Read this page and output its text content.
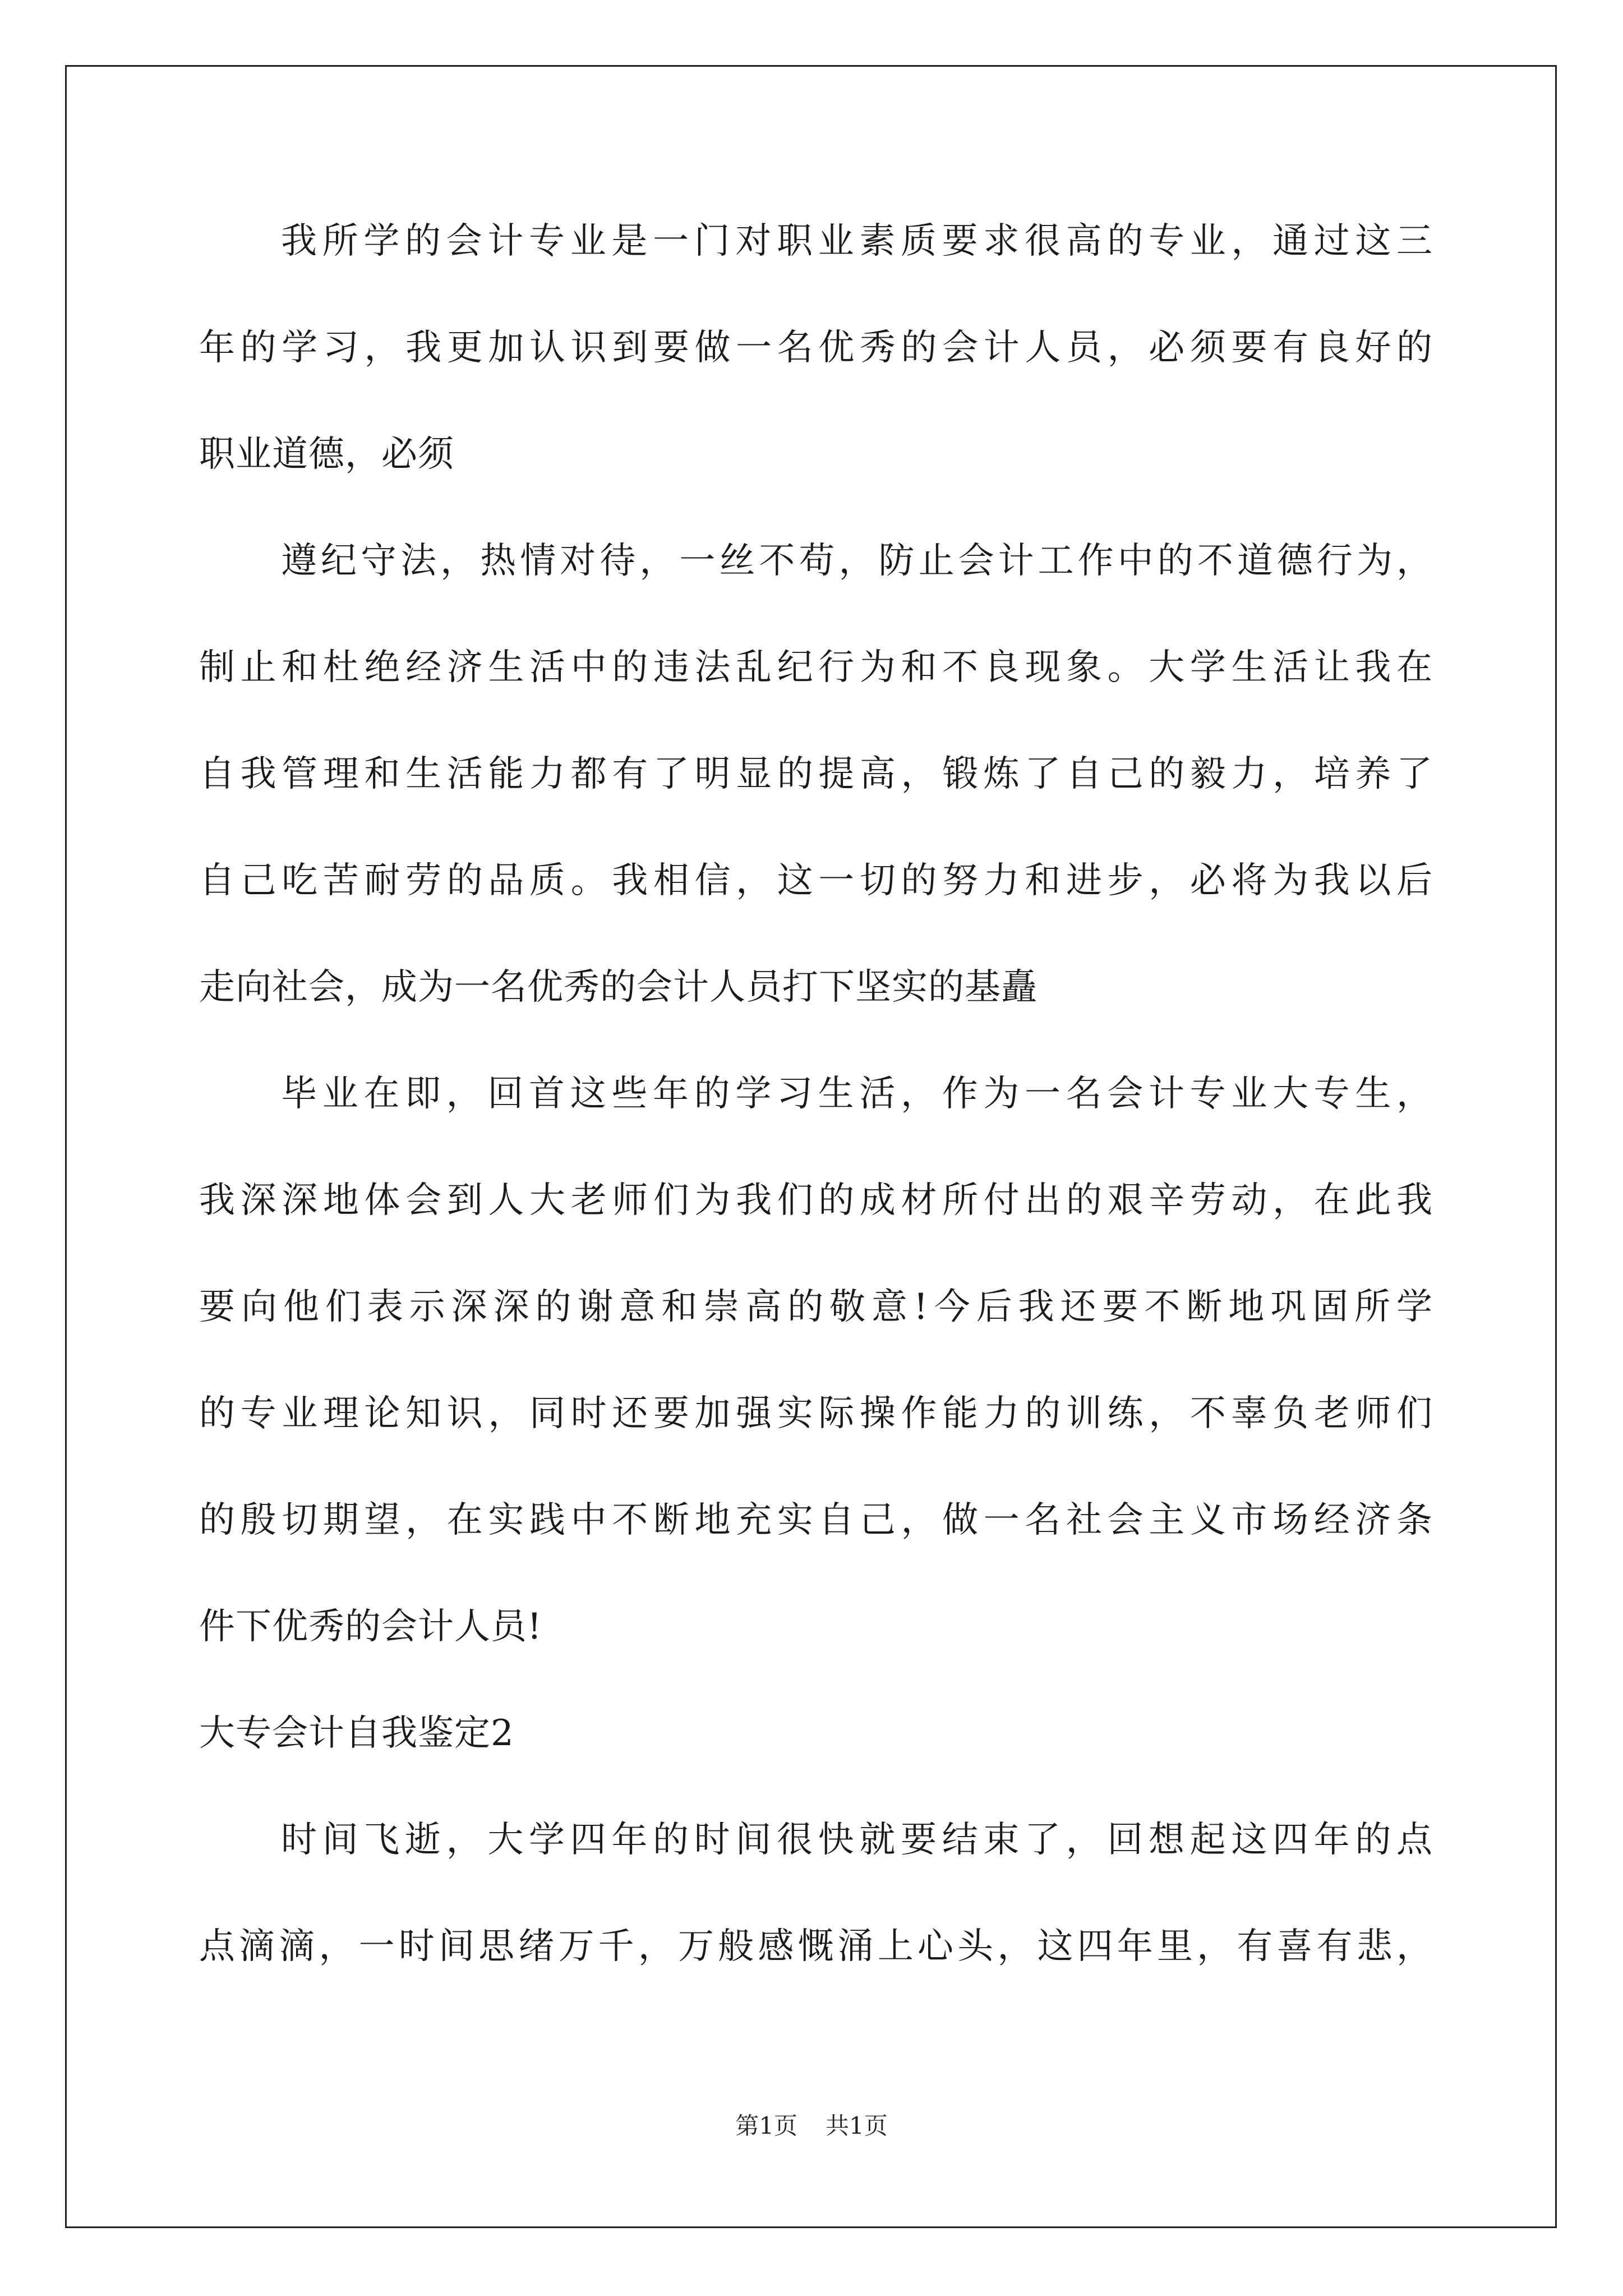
我所学的会计专业是一门对职业素质要求很高的专业，通过这三
年的学习，我更加认识到要做一名优秀的会计人员，必须要有良好的
职业道德，必须
遵纪守法，热情对待，一丝不苟，防止会计工作中的不道德行为，
制止和杜绝经济生活中的违法乱纪行为和不良现象。大学生活让我在
自我管理和生活能力都有了明显的提高，锻炼了自己的毅力，培养了
自己吃苦耐劳的品质。我相信，这一切的努力和进步，必将为我以后
走向社会，成为一名优秀的会计人员打下坚实的基矗
毕业在即，回首这些年的学习生活，作为一名会计专业大专生，
我深深地体会到人大老师们为我们的成材所付出的艰辛劳动，在此我
要向他们表示深深的谢意和崇高的敬意!今后我还要不断地巩固所学
的专业理论知识，同时还要加强实际操作能力的训练，不辜负老师们
的殷切期望，在实践中不断地充实自己，做一名社会主义市场经济条
件下优秀的会计人员!
大专会计自我鉴定2
时间飞逝，大学四年的时间很快就要结束了，回想起这四年的点
点滴滴，一时间思绪万千，万般感慨涌上心头，这四年里，有喜有悲，
第1页 共1页
